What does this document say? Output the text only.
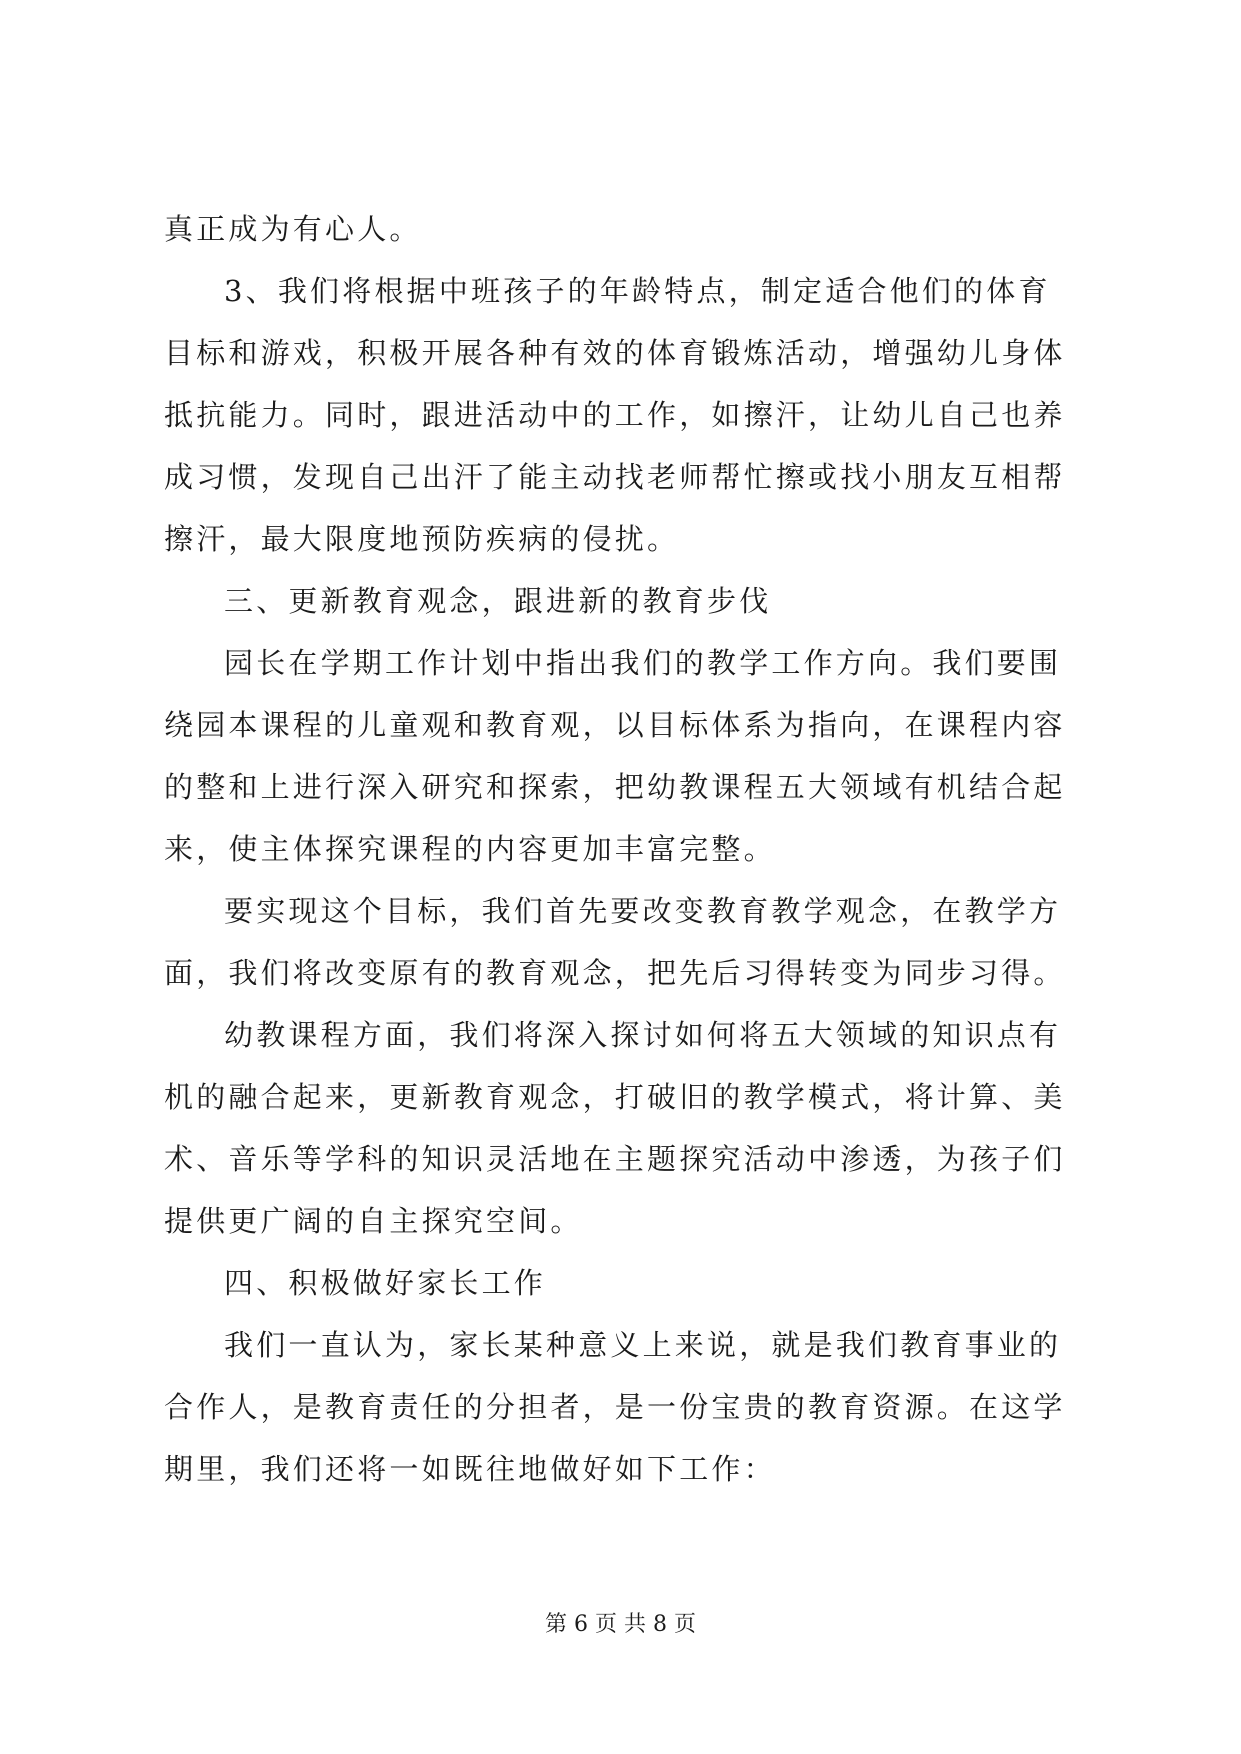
真正成为有心人。
3、我们将根据中班孩子的年龄特点，制定适合他们的体育
目标和游戏，积极开展各种有效的体育锻炼活动，增强幼儿身体
抵抗能力。同时，跟进活动中的工作，如擦汗，让幼儿自己也养
成习惯，发现自己出汗了能主动找老师帮忙擦或找小朋友互相帮
擦汗，最大限度地预防疾病的侵扰。
三、更新教育观念，跟进新的教育步伐
园长在学期工作计划中指出我们的教学工作方向。我们要围
绕园本课程的儿童观和教育观，以目标体系为指向，在课程内容
的整和上进行深入研究和探索，把幼教课程五大领域有机结合起
来，使主体探究课程的内容更加丰富完整。
要实现这个目标，我们首先要改变教育教学观念，在教学方
面，我们将改变原有的教育观念，把先后习得转变为同步习得。
幼教课程方面，我们将深入探讨如何将五大领域的知识点有
机的融合起来，更新教育观念，打破旧的教学模式，将计算、美
术、音乐等学科的知识灵活地在主题探究活动中渗透，为孩子们
提供更广阔的自主探究空间。
四、积极做好家长工作
我们一直认为，家长某种意义上来说，就是我们教育事业的
合作人，是教育责任的分担者，是一份宝贵的教育资源。在这学
期里，我们还将一如既往地做好如下工作：
第 6 页 共 8 页
